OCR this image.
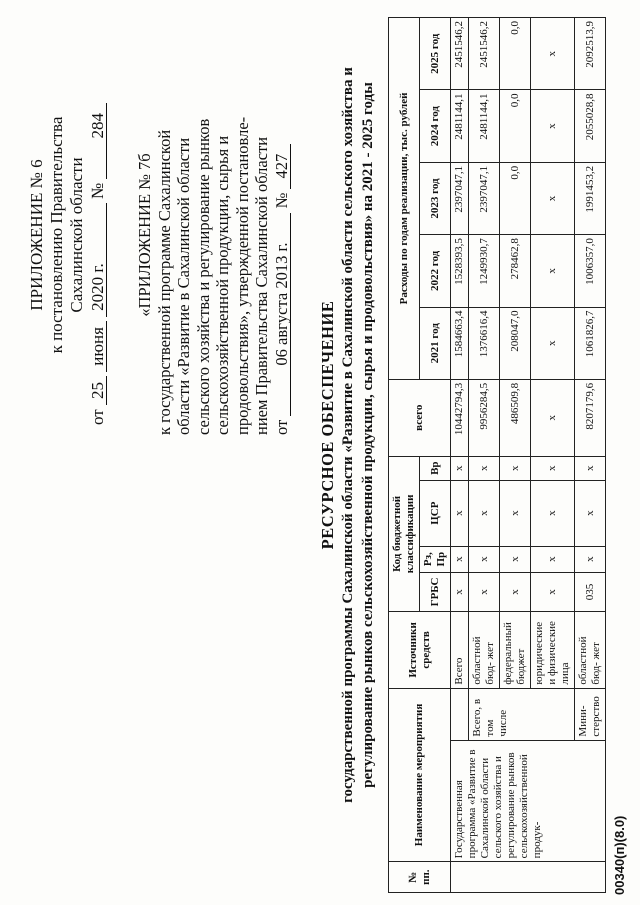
ПРИЛОЖЕНИЕ № 6 к постановлению Правительства Сахалинской области
от 25 июня 2020 г. № 284
«ПРИЛОЖЕНИЕ № 7б к государственной программе Сахалинской области «Развитие в Сахалинской области сельского хозяйства и регулирование рынков сельскохозяйственной продукции, сырья и продовольствия», утвержденной постановле- нием Правительства Сахалинской области от 06 августа 2013 г. № 427
РЕСУРСНОЕ ОБЕСПЕЧЕНИЕ государственной программы Сахалинской области «Развитие в Сахалинской области сельского хозяйства и регулирование рынков сельскохозяйственной продукции, сырья и продовольствия» на 2021 - 2025 годы
№ пп.	Наименование мероприятия		Источники средств	Код бюджетной классификации				всего	Расходы по годам реализации, тыс. рублей				
				ГРБС	Рз, Пр	ЦСР	Вр		2021 год	2022 год	2023 год	2024 год	2025 год
	Государственная программа «Развитие в Сахалинской области сельского хозяйства и регулирование рынков сельскохозяйственной продук-		Всего	x	x	x	x	10442794,3	1584663,4	1528393,5	2397047,1	2481144,1	2451546,2
		Всего, в том числе	областной бюд- жет	x	x	x	x	9956284,5	1376616,4	1249930,7	2397047,1	2481144,1	2451546,2
			федеральный бюджет	x	x	x	x	486509,8	208047,0	278462,8	0,0	0,0	0,0
			юридические и физические лица	x	x	x	x	x	x	x	x	x	x
		Мини- стерство	областной бюд- жет	035	x	x	x	8207179,6	1061826,7	1006357,0	1991453,2	2055028,8	2092513,9
00340(п)(8.0)
